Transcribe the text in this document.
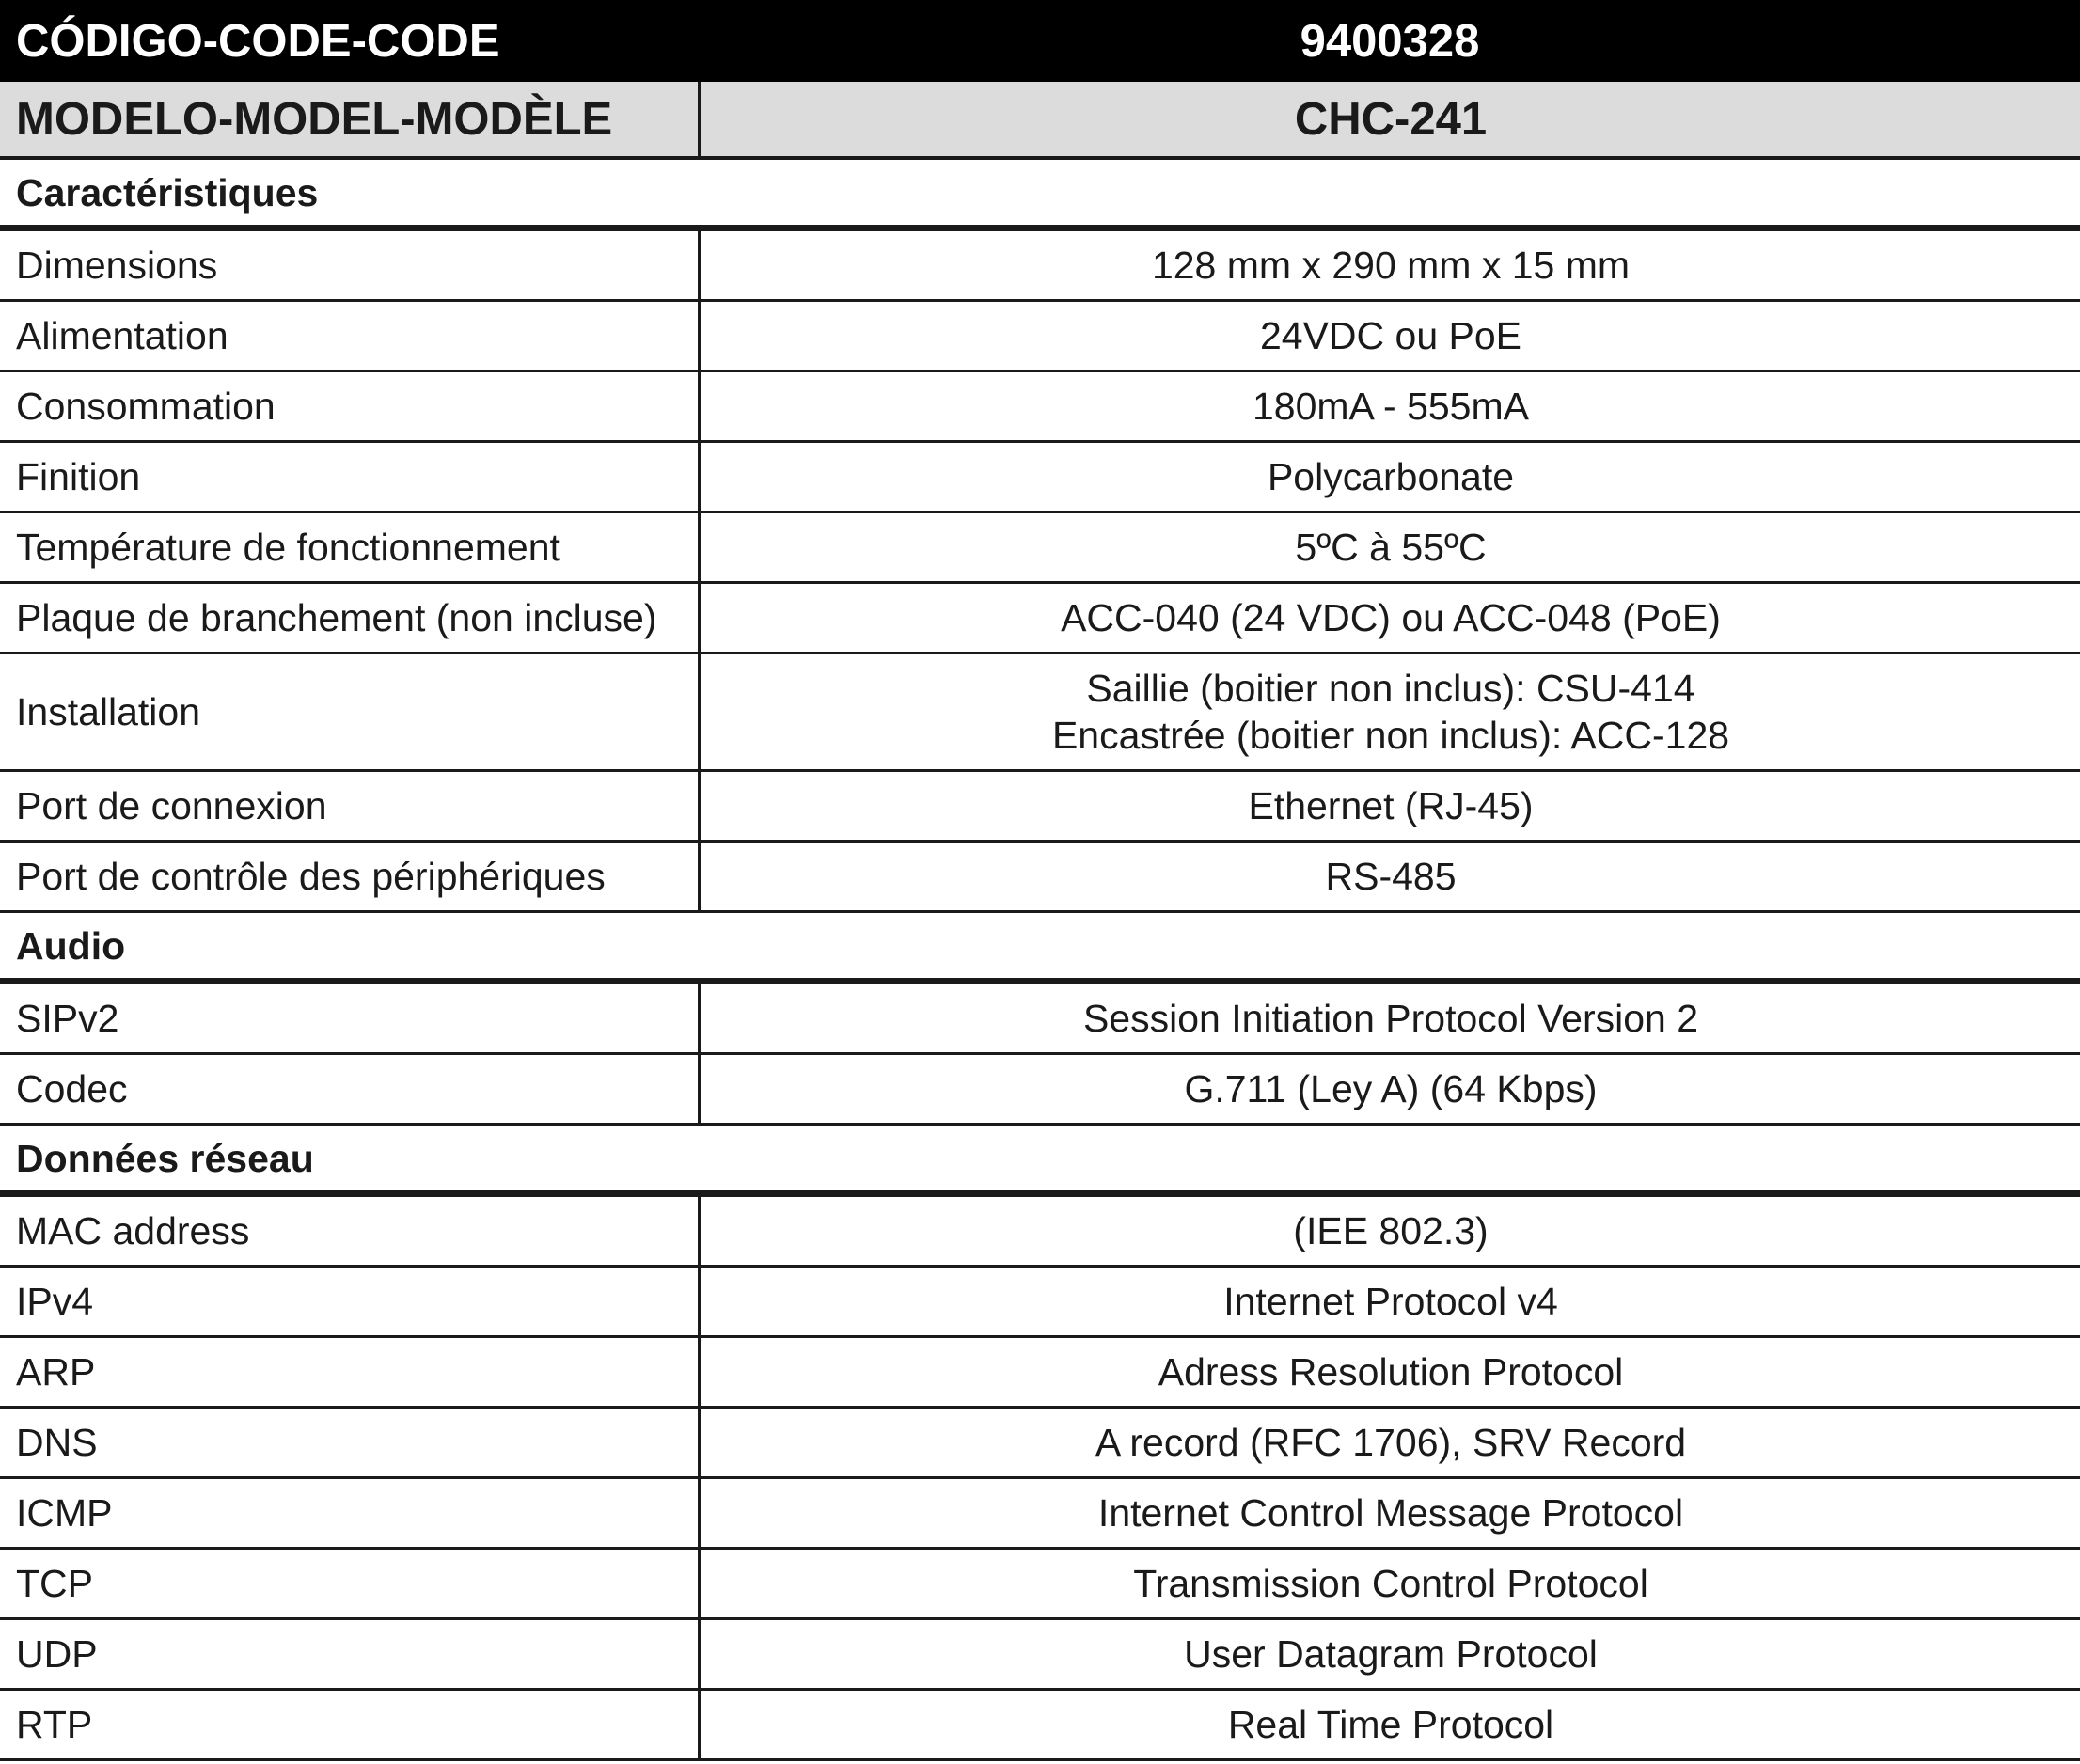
CÓDIGO-CODE-CODE	9400328
MODELO-MODEL-MODÈLE	CHC-241
Caractéristiques	
Dimensions	128 mm x 290 mm x 15 mm

Alimentation	24VDC ou PoE

Consommation	180mA - 555mA

Finition	Polycarbonate

Température de fonctionnement	5ºC à 55ºC

Plaque de branchement (non incluse)	ACC-040 (24 VDC) ou ACC-048 (PoE)

Installation	Saillie (boitier non inclus): CSU-414
Encastrée (boitier non inclus): ACC-128

Port de connexion	Ethernet (RJ-45)

Port de contrôle des périphériques	RS-485

Audio	
SIPv2	Session Initiation Protocol Version 2

Codec	G.711 (Ley A) (64 Kbps)

Données réseau	
MAC address	(IEE 802.3)

IPv4	Internet Protocol v4

ARP	Adress Resolution Protocol

DNS	A record (RFC 1706), SRV Record

ICMP	Internet Control Message Protocol

TCP	Transmission Control Protocol

UDP	User Datagram Protocol

RTP	Real Time Protocol
